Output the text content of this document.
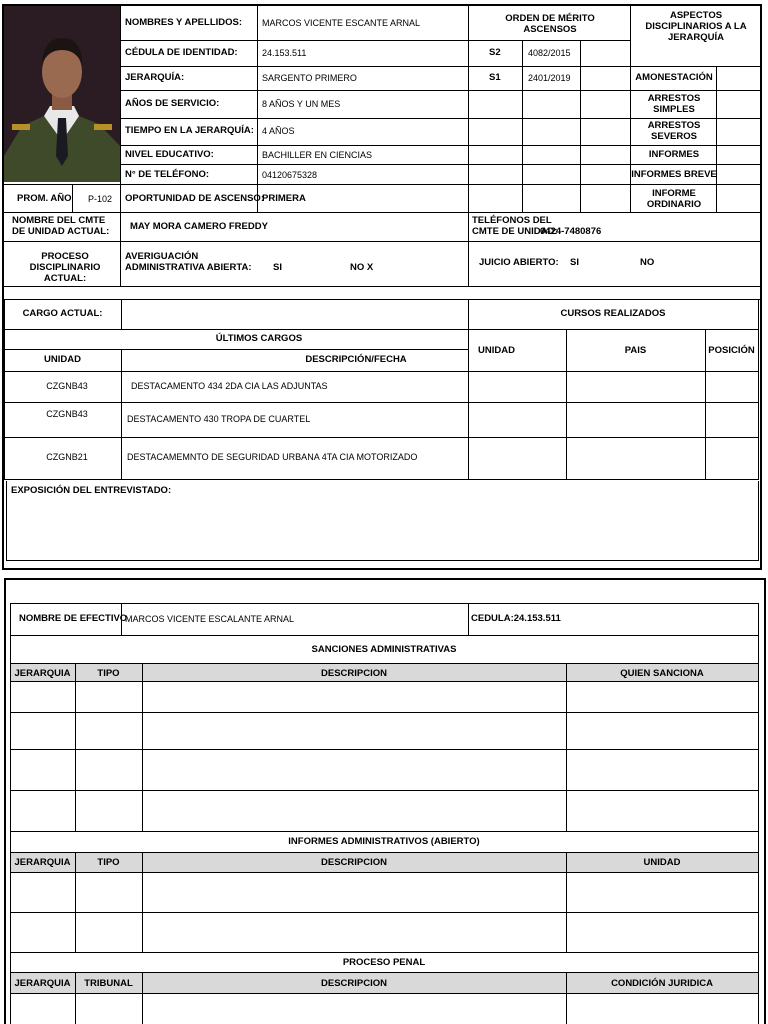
NOMBRES Y APELLIDOS: MARCOS VICENTE ESCANTE ARNAL
CÉDULA DE IDENTIDAD:	24.153.511
JERARQUÍA:	SARGENTO PRIMERO
AÑOS DE SERVICIO:	8 AÑOS Y UN MES
TIEMPO EN LA JERARQUÍA: 4 AÑOS
NIVEL EDUCATIVO:	BACHILLER EN CIENCIAS
N° DE TELÉFONO:	04120675328
PROM. AÑO P-102 OPORTUNIDAD DE ASCENSO:
PRIMERA
ORDEN DE MÉRITO ASCENSOS
S2	4082/2015
S1	2401/2019
ASPECTOS DISCIPLINARIOS A LA JERARQUÍA
AMONESTACIÓN
ARRESTOS SIMPLES
ARRESTOS SEVEROS
INFORMES
INFORMES BREVE
INFORME ORDINARIO
NOMBRE DEL CMTE DE UNIDAD ACTUAL:	MAY MORA CAMERO FREDDY
TELÉFONOS DEL CMTE DE UNIDAD:
0424-7480876
PROCESO DISCIPLINARIO ACTUAL:
AVERIGUACIÓN ADMINISTRATIVA ABIERTA:	SI	NO X	JUICIO ABIERTO: SI	NO
CARGO ACTUAL:	CURSOS REALIZADOS
UNIDAD	PAIS	POSICIÓN
ÚLTIMOS CARGOS
UNIDAD	DESCRIPCIÓN/FECHA
CZGNB43	DESTACAMENTO 434 2DA CIA LAS ADJUNTAS
CZGNB43	DESTACAMENTO 430 TROPA DE CUARTEL
CZGNB21	DESTACAMEMNTO DE SEGURIDAD URBANA 4TA CIA MOTORIZADO
EXPOSICIÓN DEL ENTREVISTADO:
NOMBRE DE EFECTIVO
MARCOS VICENTE ESCALANTE ARNAL	CEDULA:24.153.511
SANCIONES ADMINISTRATIVAS
JERARQUIA	TIPO	DESCRIPCION	QUIEN SANCIONA
INFORMES ADMINISTRATIVOS (ABIERTO)
JERARQUIA	TIPO	DESCRIPCION	UNIDAD
PROCESO PENAL
JERARQUIA	TRIBUNAL	DESCRIPCION	CONDICIÓN JURIDICA
